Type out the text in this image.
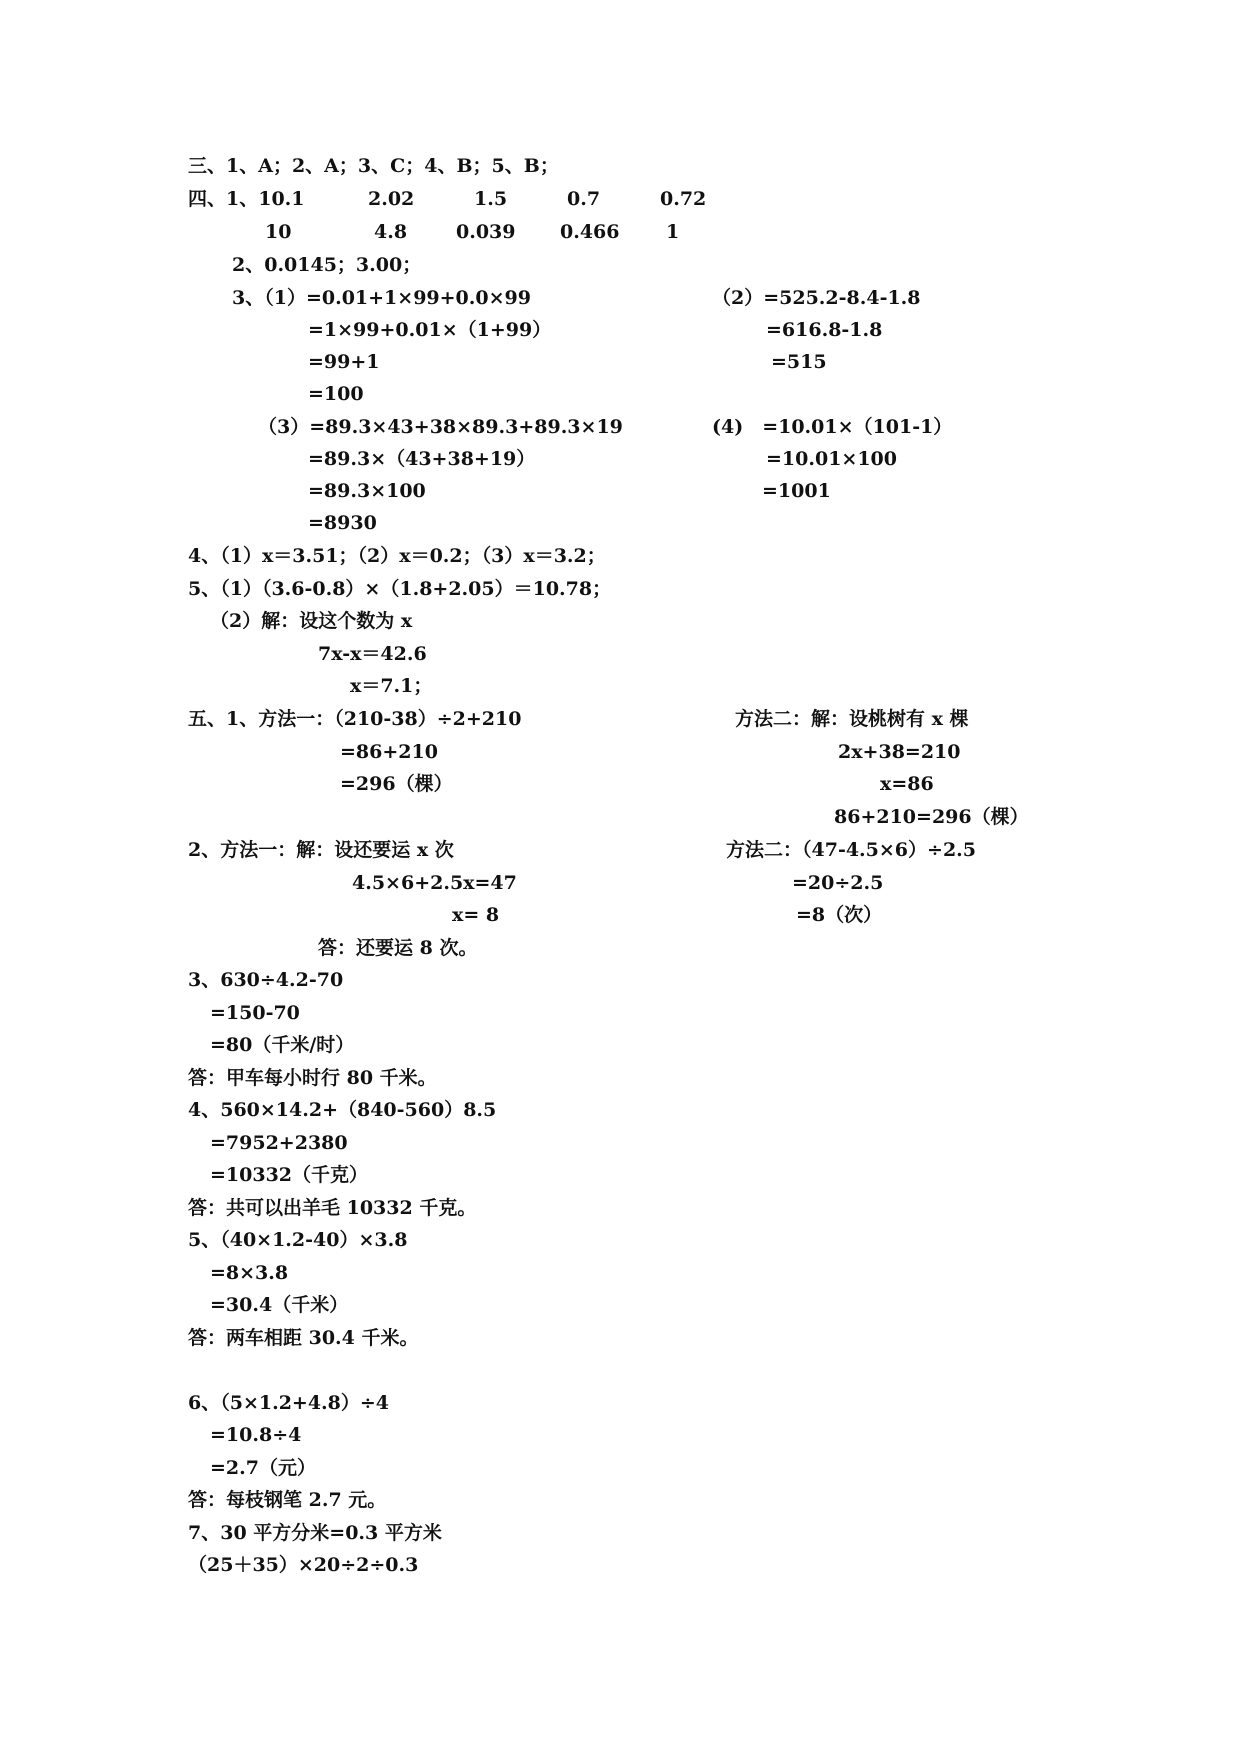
三、1、A；2、A；3、C；4、B；5、B；
四、1、10.1	2.02	1.5	0.7	0.72
10	4.8	0.039 0.466 1
2、0.0145；3.00；
3、（1）=0.01+1×99+0.0×99	（2）=525.2-8.4-1.8
=1×99+0.01×（1+99）	=616.8-1.8
=99+1	=515
=100
（3）=89.3×43+38×89.3+89.3×19	(4)　=10.01×（101-1）
=89.3×（43+38+19）	=10.01×100
=89.3×100	=1001
=8930
4、（1）x＝3.51；（2）x＝0.2；（3）x＝3.2；
5、（1）（3.6-0.8）×（1.8+2.05）＝10.78；
（2）解：设这个数为 x
7x-x＝42.6
x＝7.1；
五、1、方法一：（210-38）÷2+210	方法二：解：设桃树有 x 棵
=86+210	2x+38=210
=296（棵）	x=86
86+210=296（棵）
2、方法一：解：设还要运 x 次	方法二：（47-4.5×6）÷2.5
4.5×6+2.5x=47	=20÷2.5
x= 8	=8（次）
答：还要运 8 次。
3、630÷4.2-70
=150-70
=80（千米/时）
答：甲车每小时行 80 千米。
4、560×14.2+（840-560）8.5
=7952+2380
=10332（千克）
答：共可以出羊毛 10332 千克。
5、（40×1.2-40）×3.8
=8×3.8
=30.4（千米）
答：两车相距 30.4 千米。
6、（5×1.2+4.8）÷4
=10.8÷4
=2.7（元）
答：每枝钢笔 2.7 元。
7、30 平方分米=0.3 平方米
（25＋35）×20÷2÷0.3
